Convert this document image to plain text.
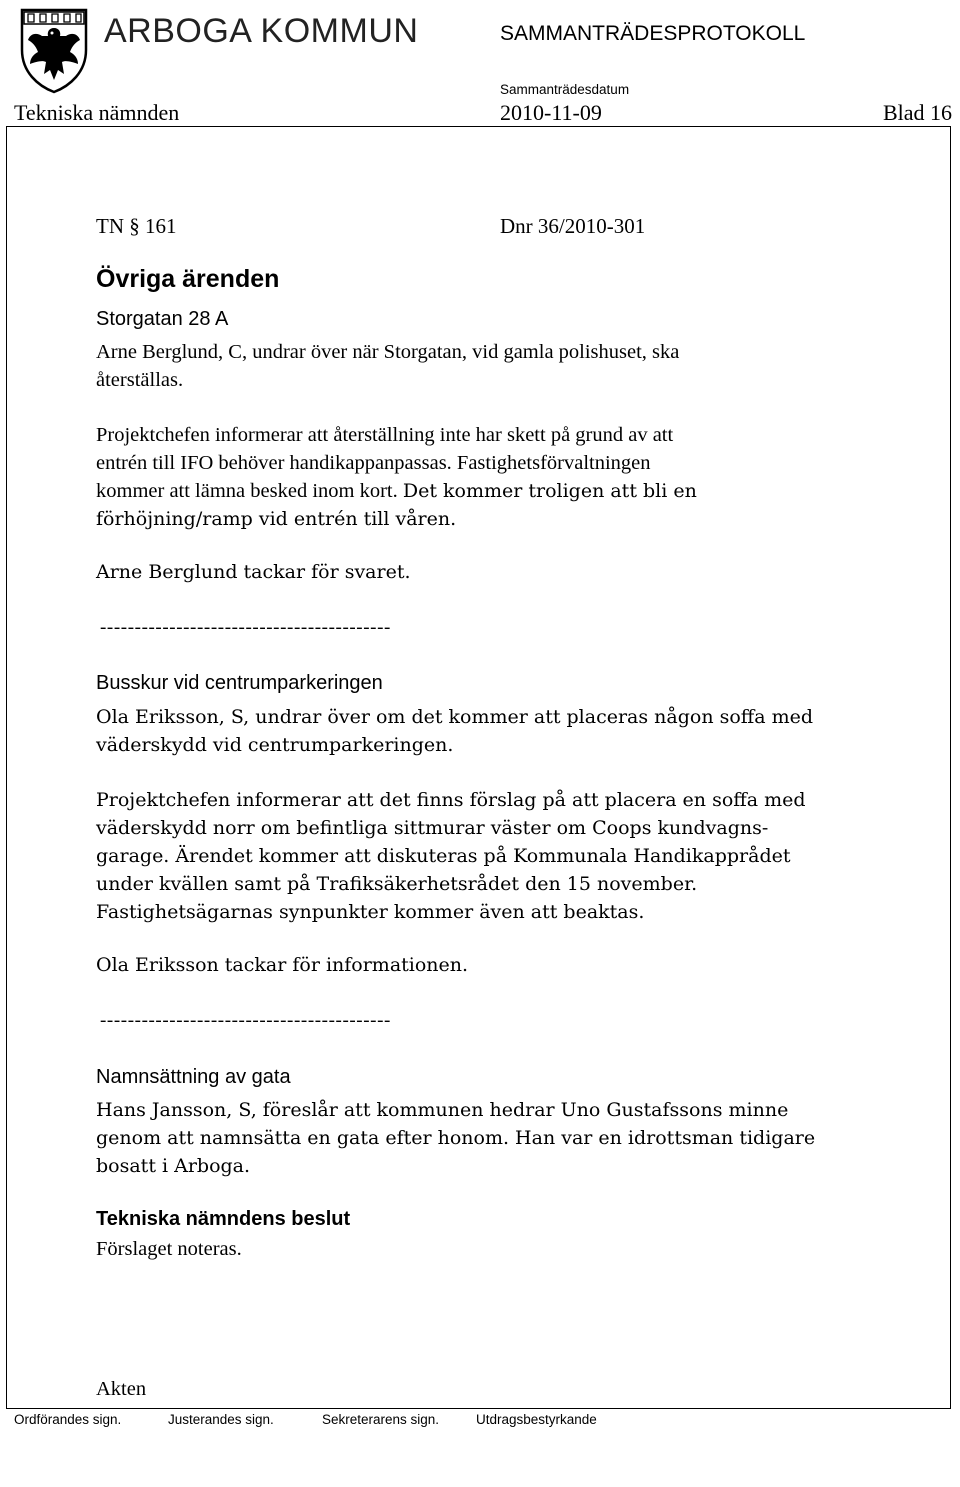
ARBOGA KOMMUN	SAMMANTRÄDESPROTOKOLL
Sammanträdesdatum
Tekniska nämnden	2010-11-09	Blad 16
TN § 161	Dnr 36/2010-301
Övriga ärenden
Storgatan 28 A
Arne Berglund, C, undrar över när Storgatan, vid gamla polishuset, ska
återställas.
Projektchefen informerar att återställning inte har skett på grund av att
entrén till IFO behöver handikappanpassas. Fastighetsförvaltningen
kommer att lämna besked inom kort. Det kommer troligen att bli en
förhöjning/ramp vid entrén till våren.
Arne Berglund tackar för svaret.
------------------------------------------
Busskur vid centrumparkeringen
Ola Eriksson, S, undrar över om det kommer att placeras någon soffa med
väderskydd vid centrumparkeringen.
Projektchefen informerar att det finns förslag på att placera en soffa med
väderskydd norr om befintliga sittmurar väster om Coops kundvagns-
garage. Ärendet kommer att diskuteras på Kommunala Handikapprådet
under kvällen samt på Trafiksäkerhetsrådet den 15 november.
Fastighetsägarnas synpunkter kommer även att beaktas.
Ola Eriksson tackar för informationen.
------------------------------------------
Namnsättning av gata
Hans Jansson, S, föreslår att kommunen hedrar Uno Gustafssons minne
genom att namnsätta en gata efter honom. Han var en idrottsman tidigare
bosatt i Arboga.
Tekniska nämndens beslut
Förslaget noteras.
Akten
Ordförandes sign.	Justerandes sign.	Sekreterarens sign.	Utdragsbestyrkande
